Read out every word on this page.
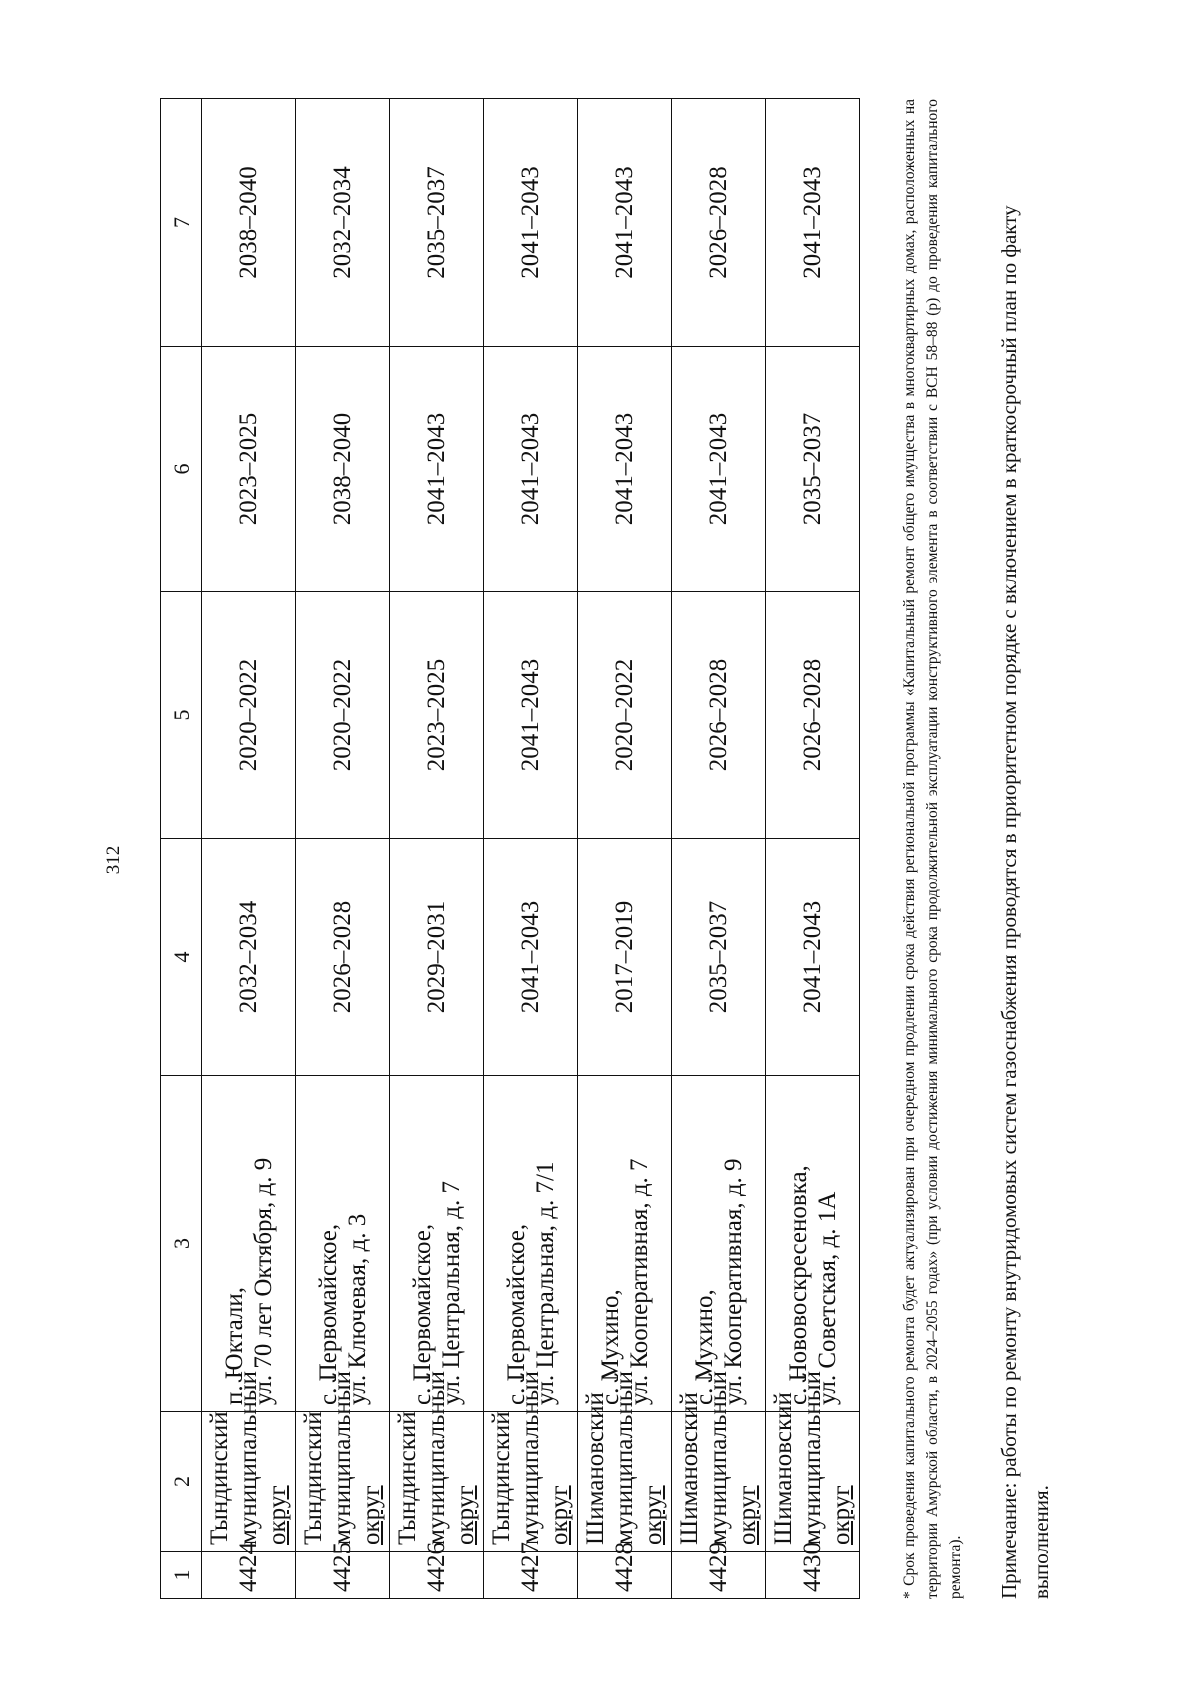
312
1	2	3	4	5	6	7
4424	Тындинский муниципальный округ	п. Юктали, ул. 70 лет Октября, д. 9	2032–2034	2020–2022	2023–2025	2038–2040
4425	Тындинский муниципальный округ	с. Первомайское, ул. Ключевая, д. 3	2026–2028	2020–2022	2038–2040	2032–2034
4426	Тындинский муниципальный округ	с. Первомайское, ул. Центральная, д. 7	2029–2031	2023–2025	2041–2043	2035–2037
4427	Тындинский муниципальный округ	с. Первомайское, ул. Центральная, д. 7/1	2041–2043	2041–2043	2041–2043	2041–2043
4428	Шимановский муниципальный округ	с. Мухино, ул. Кооперативная, д. 7	2017–2019	2020–2022	2041–2043	2041–2043
4429	Шимановский муниципальный округ	с. Мухино, ул. Кооперативная, д. 9	2035–2037	2026–2028	2041–2043	2026–2028
4430	Шимановский муниципальный округ	с. Нововоскресеновка, ул. Советская, д. 1А	2041–2043	2026–2028	2035–2037	2041–2043	* Срок проведения капитального ремонта будет актуализирован при очередном продлении срока действия региональной программы «Капитальный ремонт общего имущества в многоквартирных домах, расположенных на территории Амурской области, в 2024–2055 годах» (при условии достижения минимального срока продолжительной эксплуатации конструктивного элемента в соответствии с ВСН 58–88 (р) до проведения капитального ремонта). Примечание: работы по ремонту внутридомовых систем газоснабжения проводятся в приоритетном порядке с включением в краткосрочный план по факту выполнения.
